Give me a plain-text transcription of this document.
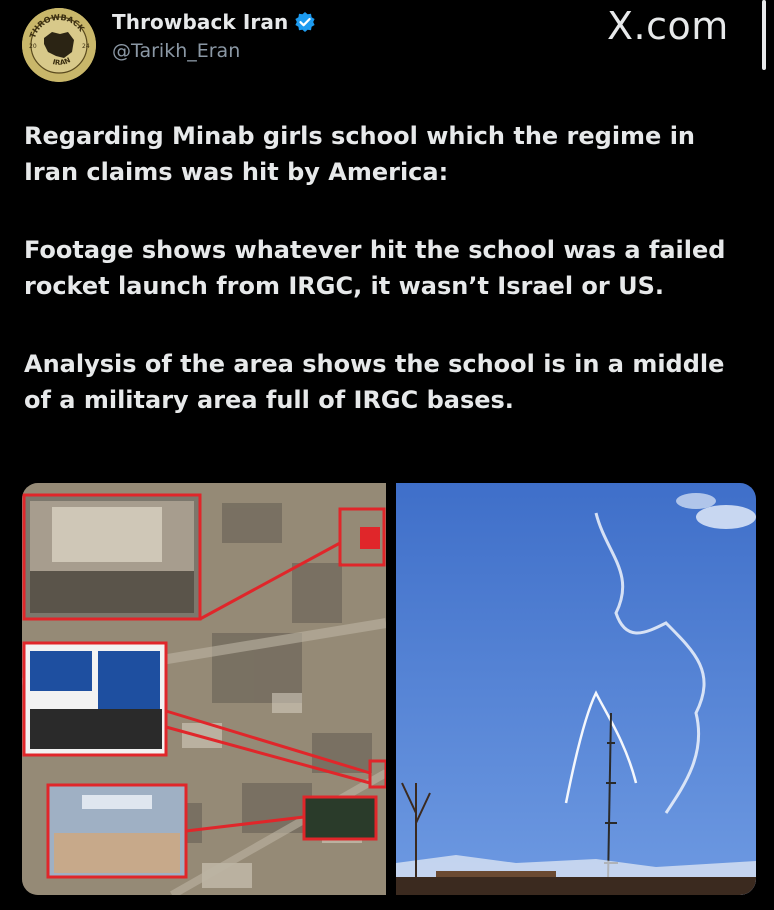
THROWBACK
IRAN
20	24
Throwback Iran
@Tarikh_Eran
X.com

Regarding Minab girls school which the regime in Iran claims was hit by America:

Footage shows whatever hit the school was a failed rocket launch from IRGC, it wasn’t Israel or US.

Analysis of the area shows the school is in a middle of a military area full of IRGC bases.
